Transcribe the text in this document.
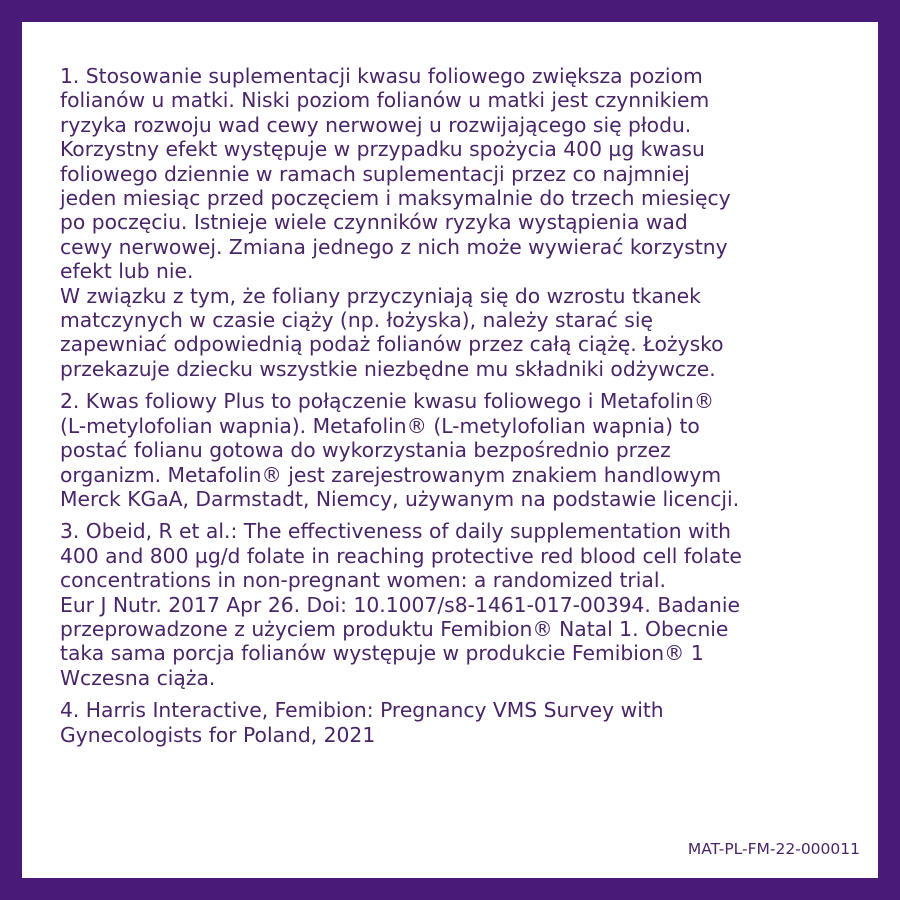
1. Stosowanie suplementacji kwasu foliowego zwiększa poziom
folianów u matki. Niski poziom folianów u matki jest czynnikiem
ryzyka rozwoju wad cewy nerwowej u rozwijającego się płodu.
Korzystny efekt występuje w przypadku spożycia 400 µg kwasu
foliowego dziennie w ramach suplementacji przez co najmniej
jeden miesiąc przed poczęciem i maksymalnie do trzech miesięcy
po poczęciu. Istnieje wiele czynników ryzyka wystąpienia wad
cewy nerwowej. Zmiana jednego z nich może wywierać korzystny
efekt lub nie.

W związku z tym, że foliany przyczyniają się do wzrostu tkanek
matczynych w czasie ciąży (np. łożyska), należy starać się
zapewniać odpowiednią podaż folianów przez całą ciążę. Łożysko
przekazuje dziecku wszystkie niezbędne mu składniki odżywcze.

2. Kwas foliowy Plus to połączenie kwasu foliowego i Metafolin®
(L-metylofolian wapnia). Metafolin® (L-metylofolian wapnia) to
postać folianu gotowa do wykorzystania bezpośrednio przez
organizm. Metafolin® jest zarejestrowanym znakiem handlowym
Merck KGaA, Darmstadt, Niemcy, używanym na podstawie licencji.

3. Obeid, R et al.: The effectiveness of daily supplementation with
400 and 800 µg/d folate in reaching protective red blood cell folate
concentrations in non-pregnant women: a randomized trial.
Eur J Nutr. 2017 Apr 26. Doi: 10.1007/s8-1461-017-00394. Badanie
przeprowadzone z użyciem produktu Femibion® Natal 1. Obecnie
taka sama porcja folianów występuje w produkcie Femibion® 1
Wczesna ciąża.

4. Harris Interactive, Femibion: Pregnancy VMS Survey with
Gynecologists for Poland, 2021

MAT-PL-FM-22-000011
